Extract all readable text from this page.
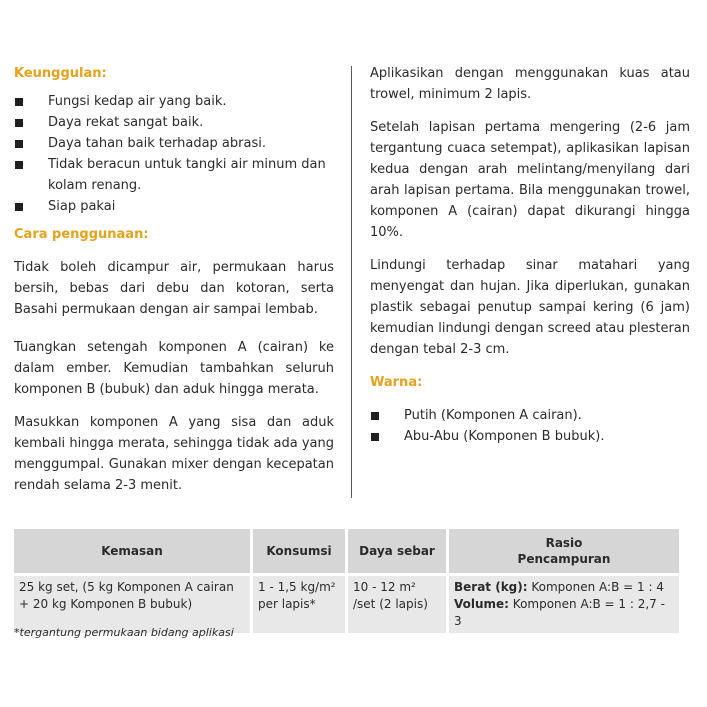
Keunggulan:

Fungsi kedap air yang baik.
Daya rekat sangat baik.
Daya tahan baik terhadap abrasi.
Tidak beracun untuk tangki air minum dan kolam renang.
Siap pakai

Cara penggunaan:

Tidak boleh dicampur air, permukaan harus bersih, bebas dari debu dan kotoran, serta Basahi permukaan dengan air sampai lembab.

Tuangkan setengah komponen A (cairan) ke dalam ember. Kemudian tambahkan seluruh komponen B (bubuk) dan aduk hingga merata.

Masukkan komponen A yang sisa dan aduk kembali hingga merata, sehingga tidak ada yang menggumpal. Gunakan mixer dengan kecepatan rendah selama 2-3 menit.

Aplikasikan dengan menggunakan kuas atau trowel, minimum 2 lapis.

Setelah lapisan pertama mengering (2-6 jam tergantung cuaca setempat), aplikasikan lapisan kedua dengan arah melintang/menyilang dari arah lapisan pertama. Bila menggunakan trowel, komponen A (cairan) dapat dikurangi hingga 10%.

Lindungi terhadap sinar matahari yang menyengat dan hujan. Jika diperlukan, gunakan plastik sebagai penutup sampai kering (6 jam) kemudian lindungi dengan screed atau plesteran dengan tebal 2-3 cm.

Warna:

Putih (Komponen A cairan).
Abu-Abu (Komponen B bubuk).
Kemasan	Konsumsi	Daya sebar	Rasio
Pencampuran
25 kg set, (5 kg Komponen A cairan + 20 kg Komponen B bubuk)	1 - 1,5 kg/m² per lapis*	10 - 12 m² /set (2 lapis)	Berat (kg): Komponen A:B = 1 : 4
Volume: Komponen A:B = 1 : 2,7 - 3
*tergantung permukaan bidang aplikasi
